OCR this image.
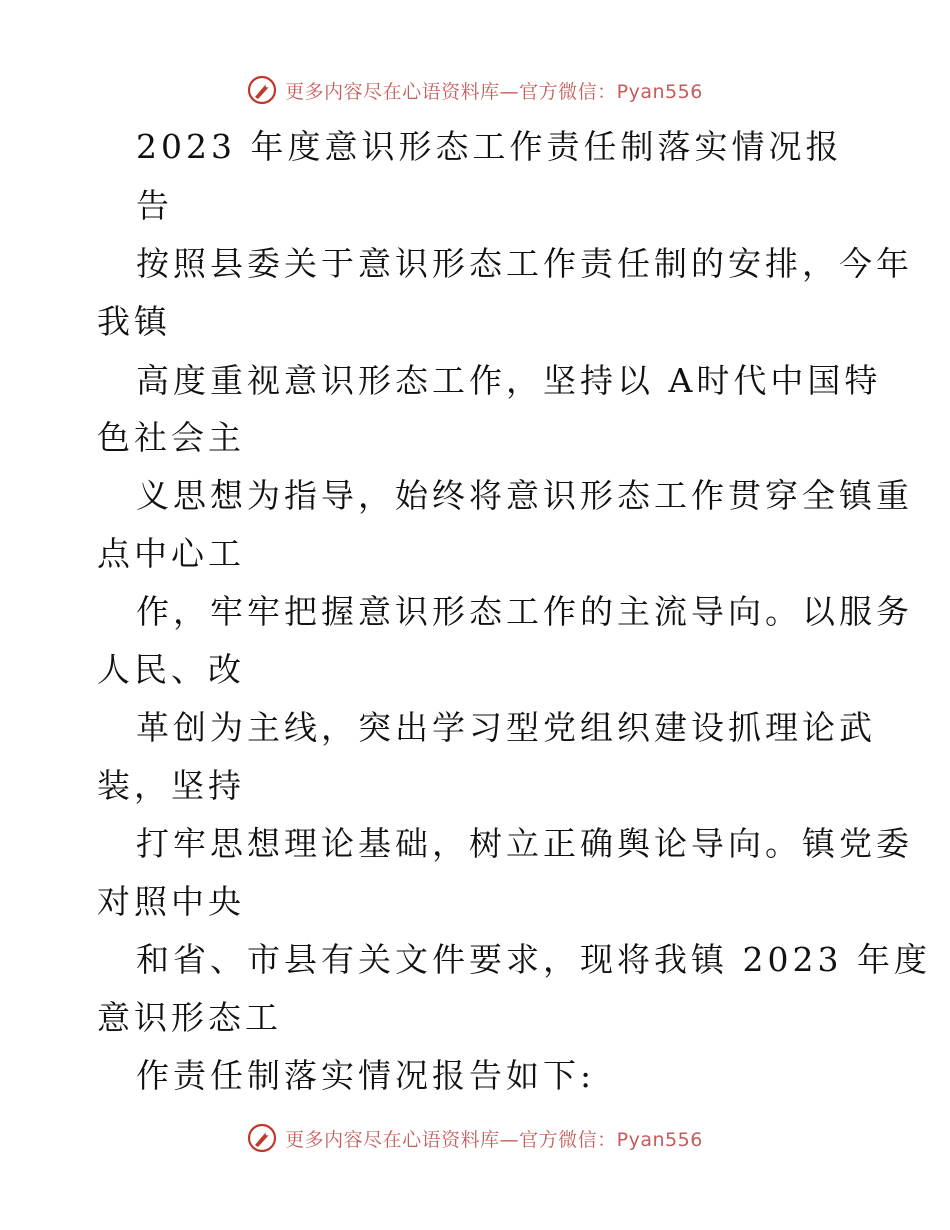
更多内容尽在心语资料库—官方微信：Pyan556
2023 年度意识形态工作责任制落实情况报
告
按照县委关于意识形态工作责任制的安排，今年
我镇
高度重视意识形态工作，坚持以 A时代中国特
色社会主
义思想为指导，始终将意识形态工作贯穿全镇重
点中心工
作，牢牢把握意识形态工作的主流导向。以服务
人民、改
革创为主线，突出学习型党组织建设抓理论武
装，坚持
打牢思想理论基础，树立正确舆论导向。镇党委
对照中央
和省、市县有关文件要求，现将我镇 2023 年度
意识形态工
作责任制落实情况报告如下:
更多内容尽在心语资料库—官方微信：Pyan556
